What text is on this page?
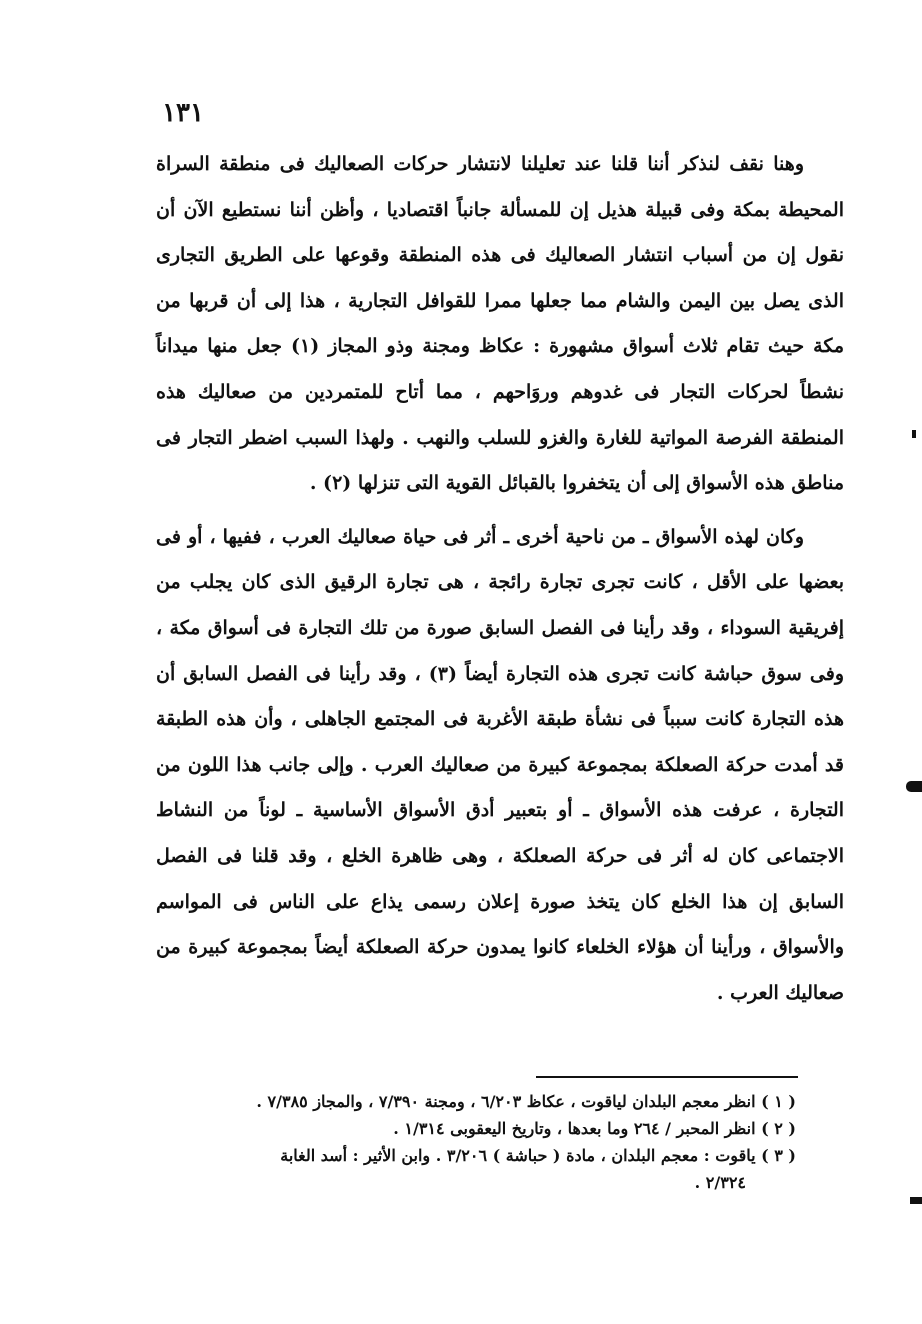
١٣١

وهنا نقف لنذكر أننا قلنا عند تعليلنا لانتشار حركات الصعاليك فى منطقة السراة المحيطة بمكة وفى قبيلة هذيل إن للمسألة جانباً اقتصاديا ، وأظن أننا نستطيع الآن أن نقول إن من أسباب انتشار الصعاليك فى هذه المنطقة وقوعها على الطريق التجارى الذى يصل بين اليمن والشام مما جعلها ممرا للقوافل التجارية ، هذا إلى أن قربها من مكة حيث تقام ثلاث أسواق مشهورة : عكاظ ومجنة وذو المجاز (١) جعل منها ميداناً نشطاً لحركات التجار فى غدوهم وروَاحهم ، مما أتاح للمتمردين من صعاليك هذه المنطقة الفرصة المواتية للغارة والغزو للسلب والنهب . ولهذا السبب اضطر التجار فى مناطق هذه الأسواق إلى أن يتخفروا بالقبائل القوية التى تنزلها (٢) .

وكان لهذه الأسواق ـ من ناحية أخرى ـ أثر فى حياة صعاليك العرب ، ففيها ، أو فى بعضها على الأقل ، كانت تجرى تجارة رائجة ، هى تجارة الرقيق الذى كان يجلب من إفريقية السوداء ، وقد رأينا فى الفصل السابق صورة من تلك التجارة فى أسواق مكة ، وفى سوق حباشة كانت تجرى هذه التجارة أيضاً (٣) ، وقد رأينا فى الفصل السابق أن هذه التجارة كانت سبباً فى نشأة طبقة الأغربة فى المجتمع الجاهلى ، وأن هذه الطبقة قد أمدت حركة الصعلكة بمجموعة كبيرة من صعاليك العرب . وإلى جانب هذا اللون من التجارة ، عرفت هذه الأسواق ـ أو بتعبير أدق الأسواق الأساسية ـ لوناً من النشاط الاجتماعى كان له أثر فى حركة الصعلكة ، وهى ظاهرة الخلع ، وقد قلنا فى الفصل السابق إن هذا الخلع كان يتخذ صورة إعلان رسمى يذاع على الناس فى المواسم والأسواق ، ورأينا أن هؤلاء الخلعاء كانوا يمدون حركة الصعلكة أيضاً بمجموعة كبيرة من صعاليك العرب .

( ١ ) انظر معجم البلدان لياقوت ، عكاظ ٦/٢٠٣ ، ومجنة ٧/٣٩٠ ، والمجاز ٧/٣٨٥ .
( ٢ ) انظر المحبر / ٢٦٤ وما بعدها ، وتاريخ اليعقوبى ١/٣١٤ .
( ٣ ) ياقوت : معجم البلدان ، مادة ( حباشة ) ٣/٢٠٦ . وابن الأثير : أسد الغابة
٢/٣٢٤ .
